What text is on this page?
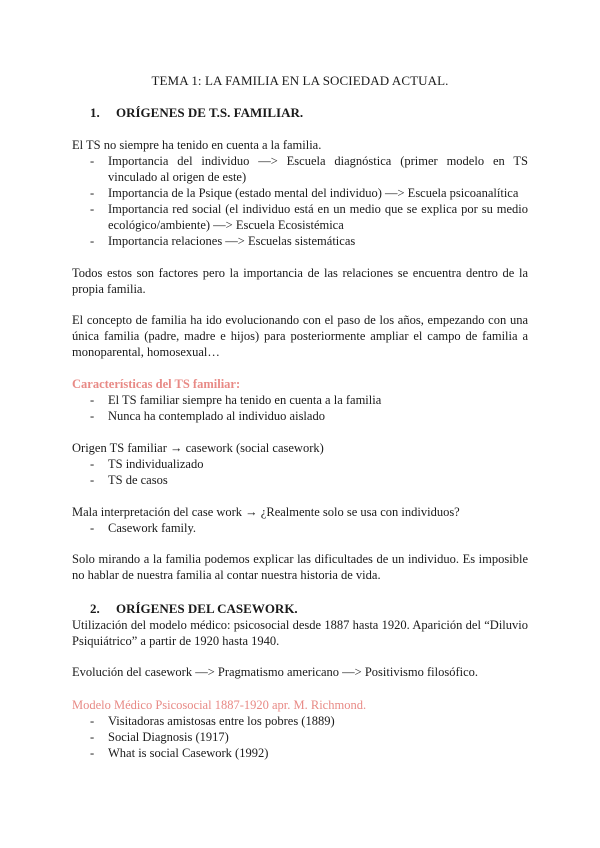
TEMA 1: LA FAMILIA EN LA SOCIEDAD ACTUAL.
1. ORÍGENES DE T.S. FAMILIAR.
El TS no siempre ha tenido en cuenta a la familia.
- Importancia del individuo —> Escuela diagnóstica (primer modelo en TS vinculado al origen de este)
- Importancia de la Psique (estado mental del individuo) —> Escuela psicoanalítica
- Importancia red social (el individuo está en un medio que se explica por su medio ecológico/ambiente) —> Escuela Ecosistémica
- Importancia relaciones —> Escuelas sistemáticas
Todos estos son factores pero la importancia de las relaciones se encuentra dentro de la propia familia.
El concepto de familia ha ido evolucionando con el paso de los años, empezando con una única familia (padre, madre e hijos) para posteriormente ampliar el campo de familia a monoparental, homosexual…
Características del TS familiar:
- El TS familiar siempre ha tenido en cuenta a la familia
- Nunca ha contemplado al individuo aislado
Origen TS familiar → casework (social casework)
- TS individualizado
- TS de casos
Mala interpretación del case work → ¿Realmente solo se usa con individuos?
- Casework family.
Solo mirando a la familia podemos explicar las dificultades de un individuo. Es imposible no hablar de nuestra familia al contar nuestra historia de vida.
2. ORÍGENES DEL CASEWORK.
Utilización del modelo médico: psicosocial desde 1887 hasta 1920. Aparición del “Diluvio Psiquiátrico” a partir de 1920 hasta 1940.
Evolución del casework —> Pragmatismo americano —> Positivismo filosófico.
Modelo Médico Psicosocial 1887-1920 apr. M. Richmond.
- Visitadoras amistosas entre los pobres (1889)
- Social Diagnosis (1917)
- What is social Casework (1992)
